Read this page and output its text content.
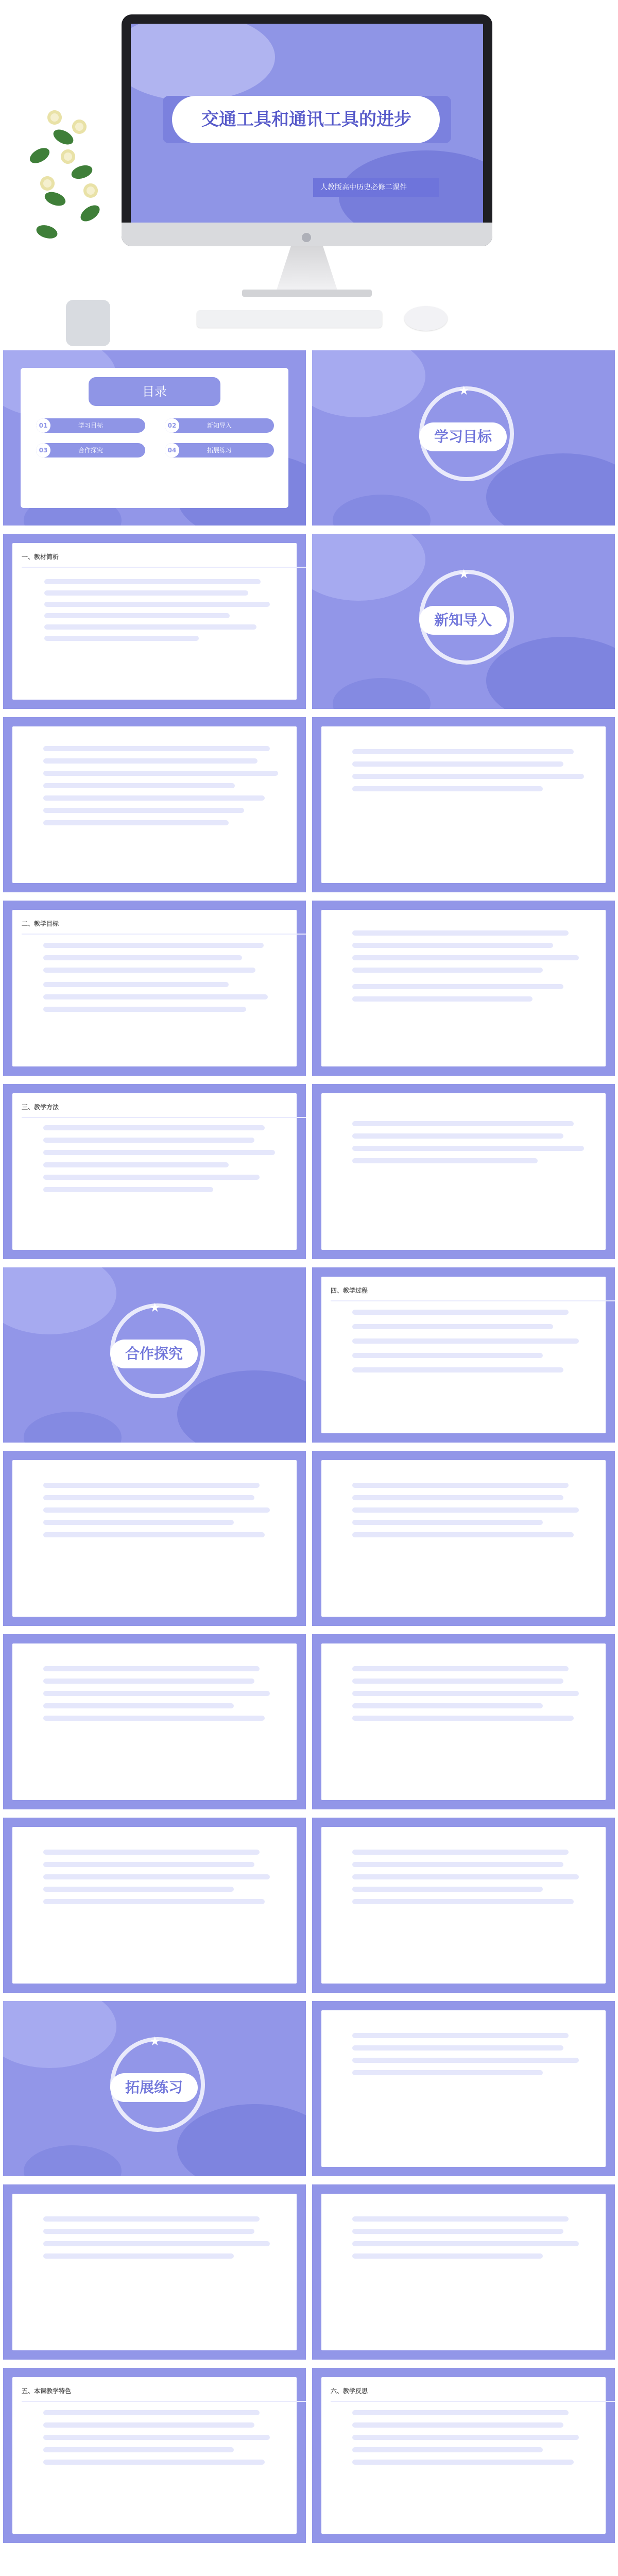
交通工具和通讯工具的进步
人教版高中历史必修二课件
目录
01	学习目标	02	新知导入
03	合作探究	04	拓展练习
★
学习目标
一、教材简析
★
新知导入
二、教学目标
三、教学方法
★
合作探究
四、教学过程
★
拓展练习
五、本课教学特色	六、教学反思
